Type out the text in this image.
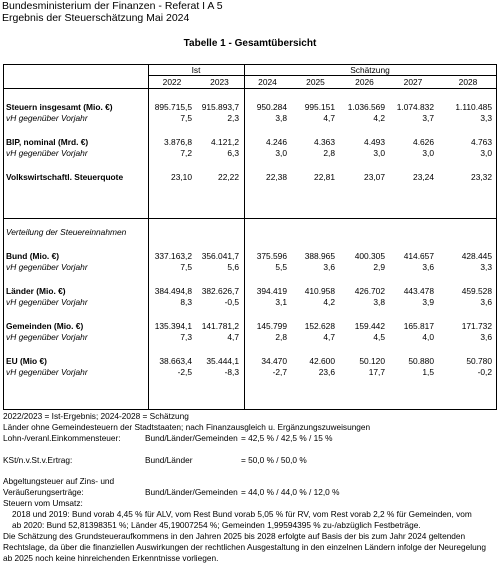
Bundesministerium der Finanzen - Referat I A 5
Ergebnis der Steuerschätzung Mai 2024
Tabelle 1 - Gesamtübersicht
Ist	Schätzung
2022	2023	2024	2025	2026	2027	2028
Steuern insgesamt (Mio. €)	895.715,5	915.893,7	950.284	995.151	1.036.569	1.074.832	1.110.485
vH gegenüber Vorjahr	7,5	2,3	3,8	4,7	4,2	3,7	3,3
BIP, nominal (Mrd. €)	3.876,8	4.121,2	4.246	4.363	4.493	4.626	4.763
vH gegenüber Vorjahr	7,2	6,3	3,0	2,8	3,0	3,0	3,0
Volkswirtschaftl. Steuerquote	23,10	22,22	22,38	22,81	23,07	23,24	23,32
Verteilung der Steuereinnahmen
Bund (Mio. €)	337.163,2	356.041,7	375.596	388.965	400.305	414.657	428.445
vH gegenüber Vorjahr	7,5	5,6	5,5	3,6	2,9	3,6	3,3
Länder (Mio. €)	384.494,8	382.626,7	394.419	410.958	426.702	443.478	459.528
vH gegenüber Vorjahr	8,3	-0,5	3,1	4,2	3,8	3,9	3,6
Gemeinden (Mio. €)	135.394,1	141.781,2	145.799	152.628	159.442	165.817	171.732
vH gegenüber Vorjahr	7,3	4,7	2,8	4,7	4,5	4,0	3,6
EU (Mio €)	38.663,4	35.444,1	34.470	42.600	50.120	50.880	50.780
vH gegenüber Vorjahr	-2,5	-8,3	-2,7	23,6	17,7	1,5	-0,2
2022/2023 = Ist-Ergebnis; 2024-2028 = Schätzung
Länder ohne Gemeindesteuern der Stadtstaaten; nach Finanzausgleich u. Ergänzungszuweisungen
Lohn-/veranl.Einkommensteuer:	Bund/Länder/Gemeinden = 42,5 % / 42,5 % / 15 %
KSt/n.v.St.v.Ertrag:	Bund/Länder	= 50,0 % / 50,0 %
Abgeltungsteuer auf Zins- und
Veräußerungserträge:	Bund/Länder/Gemeinden = 44,0 % / 44,0 % / 12,0 %
Steuern vom Umsatz:
2018 und 2019: Bund vorab 4,45 % für ALV, vom Rest Bund vorab 5,05 % für RV, vom Rest vorab 2,2 % für Gemeinden, vom
ab 2020: Bund 52,81398351 %; Länder 45,19007254 %; Gemeinden 1,99594395 % zu-/abzüglich Festbeträge.
Die Schätzung des Grundsteueraufkommens in den Jahren 2025 bis 2028 erfolgte auf Basis der bis zum Jahr 2024 geltenden
Rechtslage, da über die finanziellen Auswirkungen der rechtlichen Ausgestaltung in den einzelnen Ländern infolge der Neuregelung
ab 2025 noch keine hinreichenden Erkenntnisse vorliegen.
